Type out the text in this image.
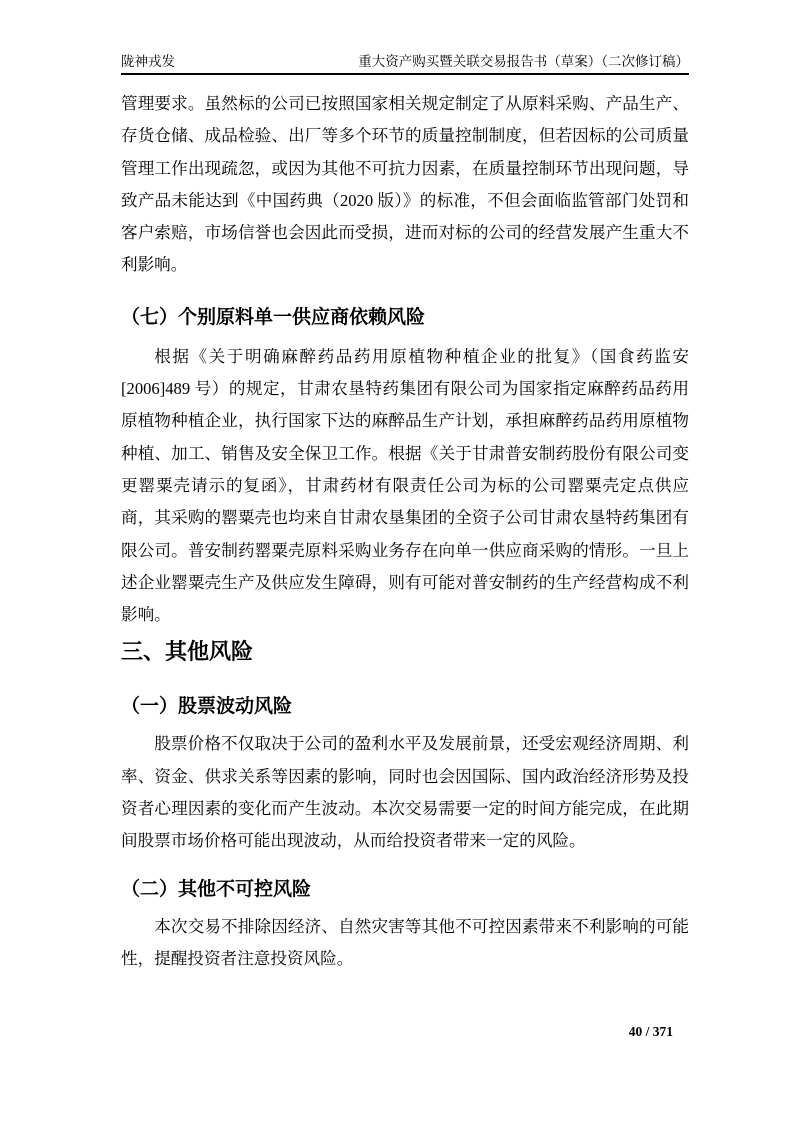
陇神戎发	重大资产购买暨关联交易报告书（草案）（二次修订稿）

管理要求。虽然标的公司已按照国家相关规定制定了从原料采购、产品生产、存货仓储、成品检验、出厂等多个环节的质量控制制度，但若因标的公司质量管理工作出现疏忽，或因为其他不可抗力因素，在质量控制环节出现问题，导致产品未能达到《中国药典（2020 版）》的标准，不但会面临监管部门处罚和客户索赔，市场信誉也会因此而受损，进而对标的公司的经营发展产生重大不利影响。

（七）个别原料单一供应商依赖风险

根据《关于明确麻醉药品药用原植物种植企业的批复》（国食药监安[2006]489 号）的规定，甘肃农垦特药集团有限公司为国家指定麻醉药品药用原植物种植企业，执行国家下达的麻醉品生产计划，承担麻醉药品药用原植物种植、加工、销售及安全保卫工作。根据《关于甘肃普安制药股份有限公司变更罂粟壳请示的复函》，甘肃药材有限责任公司为标的公司罂粟壳定点供应商，其采购的罂粟壳也均来自甘肃农垦集团的全资子公司甘肃农垦特药集团有限公司。普安制药罂粟壳原料采购业务存在向单一供应商采购的情形。一旦上述企业罂粟壳生产及供应发生障碍，则有可能对普安制药的生产经营构成不利影响。

三、其他风险
（一）股票波动风险

股票价格不仅取决于公司的盈利水平及发展前景，还受宏观经济周期、利率、资金、供求关系等因素的影响，同时也会因国际、国内政治经济形势及投资者心理因素的变化而产生波动。本次交易需要一定的时间方能完成，在此期间股票市场价格可能出现波动，从而给投资者带来一定的风险。

（二）其他不可控风险

本次交易不排除因经济、自然灾害等其他不可控因素带来不利影响的可能性，提醒投资者注意投资风险。

40 / 371
